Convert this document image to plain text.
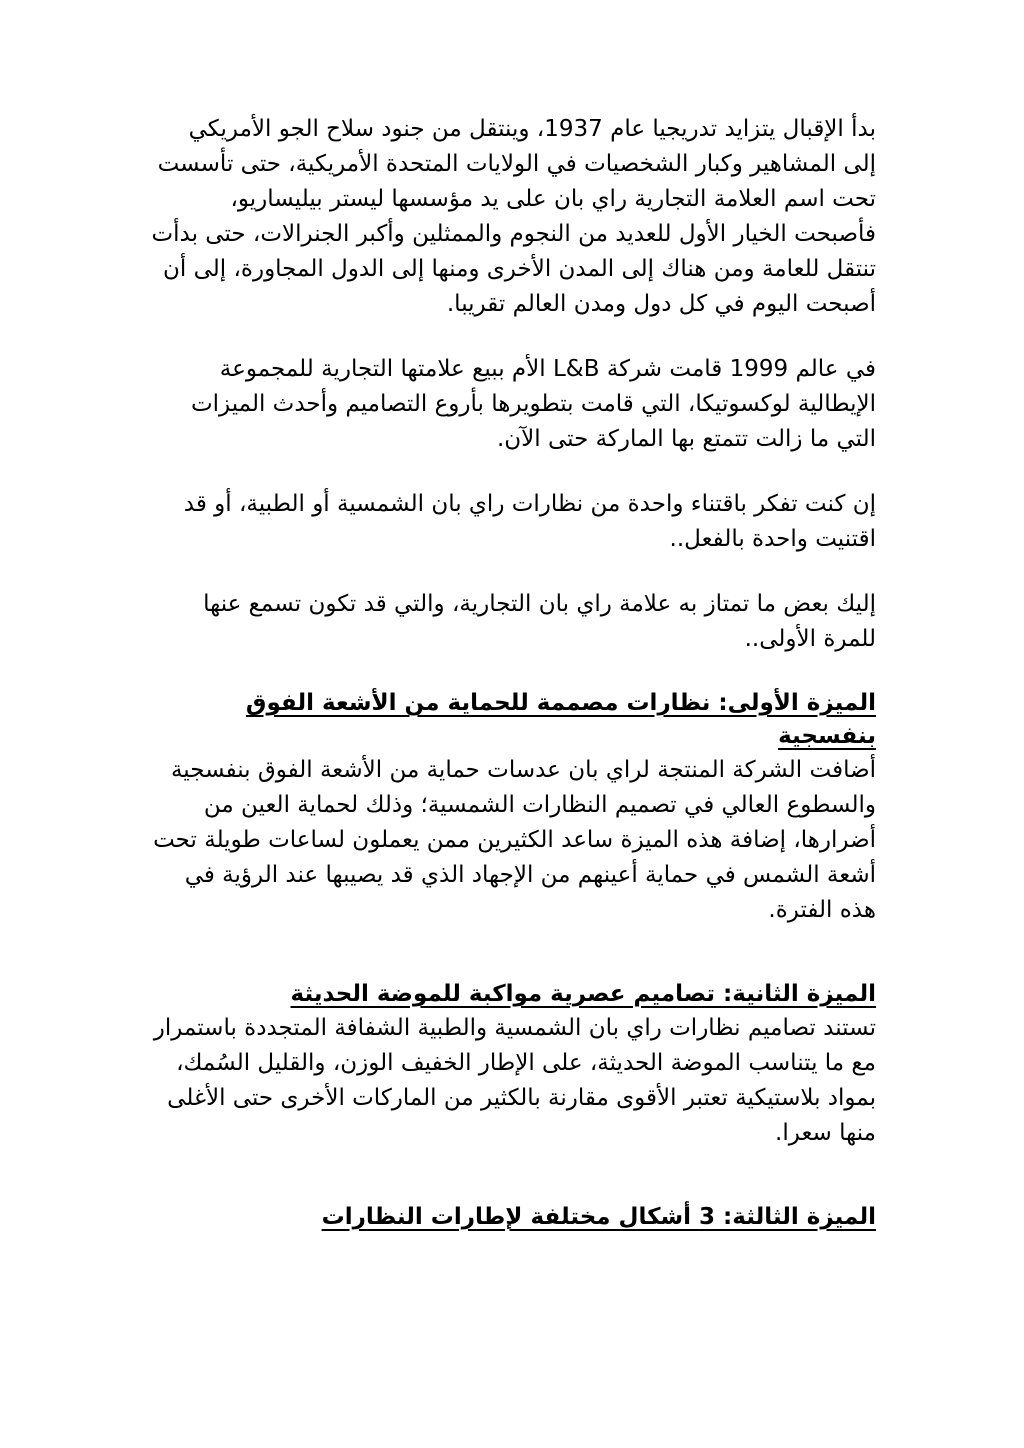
بدأ الإقبال يتزايد تدريجيا عام 1937، وينتقل من جنود سلاح الجو الأمريكي إلى المشاهير وكبار الشخصيات في الولايات المتحدة الأمريكية، حتى تأسست تحت اسم العلامة التجارية راي بان على يد مؤسسها ليستر بيليساريو، فأصبحت الخيار الأول للعديد من النجوم والممثلين وأكبر الجنرالات، حتى بدأت تنتقل للعامة ومن هناك إلى المدن الأخرى ومنها إلى الدول المجاورة، إلى أن أصبحت اليوم في كل دول ومدن العالم تقريبا.

في عالم 1999 قامت شركة L&B الأم ببيع علامتها التجارية للمجموعة الإيطالية لوكسوتيكا، التي قامت بتطويرها بأروع التصاميم وأحدث الميزات التي ما زالت تتمتع بها الماركة حتى الآن.

إن كنت تفكر باقتناء واحدة من نظارات راي بان الشمسية أو الطبية، أو قد اقتنيت واحدة بالفعل..

إليك بعض ما تمتاز به علامة راي بان التجارية، والتي قد تكون تسمع عنها للمرة الأولى..

الميزة الأولى: نظارات مصممة للحماية من الأشعة الفوق بنفسجية

أضافت الشركة المنتجة لراي بان عدسات حماية من الأشعة الفوق بنفسجية والسطوع العالي في تصميم النظارات الشمسية؛ وذلك لحماية العين من أضرارها، إضافة هذه الميزة ساعد الكثيرين ممن يعملون لساعات طويلة تحت أشعة الشمس في حماية أعينهم من الإجهاد الذي قد يصيبها عند الرؤية في هذه الفترة.

الميزة الثانية: تصاميم عصرية مواكبة للموضة الحديثة

تستند تصاميم نظارات راي بان الشمسية والطبية الشفافة المتجددة باستمرار مع ما يتناسب الموضة الحديثة، على الإطار الخفيف الوزن، والقليل السُمك، بمواد بلاستيكية تعتبر الأقوى مقارنة بالكثير من الماركات الأخرى حتى الأغلى منها سعرا.

الميزة الثالثة: 3 أشكال مختلفة لإطارات النظارات
